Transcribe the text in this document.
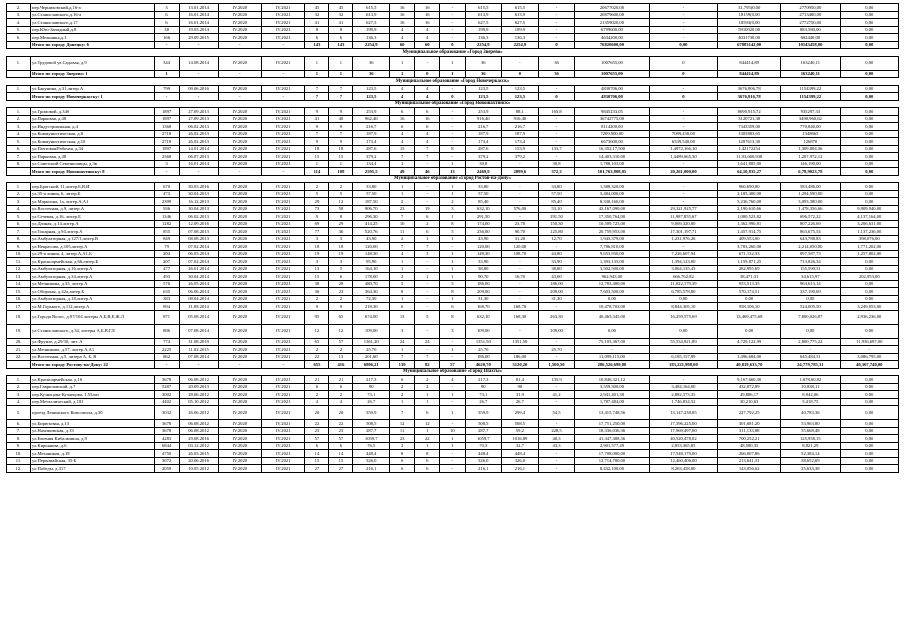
2.	пер.Черниховский,д.16-а	3	13.01.2014	IV.2020	IV.2021	45	45	615,5	16	16	-	615,5	615,5	-	20677020,00	-	31,795(0,00	2770950,00	0,00
3.	ул.Станиславского,д.16-а	6	16.01.2014	IV.2020	IV.2021	32	32	613,9	16	16	-	613,9	613,9	-	20879600,00	-	18159(0,00	2713480,00	0,00
4.	ул.Станиславского,д.17	6	16.01.2014	IV.2020	IV.2021	41	41	627,5	16	16	-	627,5	627,5	-	21359020,00	-	18593(0,00	2772750,00	0,00
5.	пер.Юго-Западный,д.8	38	19.03.2014	IV.2020	IV.2021	8	8	199,9	4	4	-	199,9	199,9	-	6799600,00	-	5910020,00	883,580,00	0,00
6.	пер.Мельника,д.1	166	29.09.2015	IV.2020	IV.2021	6	6	136,3	4	4	-	136,3	136,3	-	4634200,00	-	4031730,00	602440,00	0,00
	Итого по городу Донецку: 6	-	-	-	-	143	143	2254,9	60	60	0	2254,9	2254,9	0	76820600,00	0,00	67883142,00	10143458,00	0,00
Муниципальное образование «Город Зверево»																			
1.	ул.Трудовой ул.Садовая, д.9	344	14.08.2014	IV.2020	IV.2021	1	1	36	1	-	1	36	-	36	1007655,00	0	844414,89	163240,11	0,00
	Итого по городу Зверево: 1	1	-	-	-	1	1	36	1	0	1	36	0	36	1007655,00	0	844414,89	163240,11	0,00
Муниципальное образование «Город Новочеркасск»																			
1.	ул.Бакунина, д.31,литер.А	799	09.06.2016	IV.2020	IV.2021	7	7	123,5	4	4	-	123,5	123,5	-	4830706,00	-	3676,906,78	1154399,22	0,00
	Итого по городу Новочеркасску: 1	-	-	-	-	7	7	123,5	4	4	0	123,5	123,5	0	4830706,00	0	3676,916,78	1154399,22	0,00
Муниципальное образование «Город Новошахтинск»																			
1.	ул.Громовой, д.34б	1897	27.09.2013	IV.2020	IV.2021	9	9	253,9	6	6	-	253,9	88,1	165,8	9845233,05	-	8690,915,72	935297,33	0,00
2.	ул.Парковая, д.48	1897	27.09.2013	IV.2020	IV.2021	41	40	962,40	16	16	-	916,40	916,40	-	36742775,00	-	3120721,38	3490,960,62	0,00
3.	ул.Индустриальная, д.4	1368	06.02.2013	IV.2020	IV.2021	9	9	216,7	6	6	-	216,7	216,7	-	8114200,00	-	7343359,00	770,840,00	0,00
4.	ул.Коммунистическая, д.8	2718	26.02.2013	IV.2020	IV.2021	7	7	187,9	4	4	-	187,9	187,9	-	7209,900,00	7089,430,00	1305883,65	1348665	0,00
5.	ул.Коммунистическая, д.10	2718	26.02.2013	IV.2020	IV.2021	9	9	173,4	4	4	-	173,4	173,4	-	6673600,00	6539,540,00	1207613,30	126870	0,00
6.	ул.Почтовая/Рабочая, д.34	1897	14.01.2014	IV.2020	IV.2021	18	18	287,6	15	7	8	287,6	153,9	133,7	16,352,17,500	1,4972,166,10	1,42172254	1,309,804,36	0,00
7.	ул.Парковая, д.48	2568	06.07.2013	IV.2020	IV.2021	15	15	379,2	7	7	-	379,2	379,2	-	14,403,310,00	1,4489,665,30	11,93,660,938	1,207,972,12	0,00
8.	ул.Советский Семенисивцы, д.3в	3	16.01.2014	IV.2020	IV.2021	1	1	134,4	1	-	1	30,8	-	30,8	1,788,103,00	-	1,641,805,00	146,190,00	0,00
	Итого по городу Новошахтинску: 8	-	-	-	-	114	108	2595,5	49	46	13	2469,9	2099,6	372,3	101,763,808,05	20,261,000,00	64,10,835,27	6,78,9023,78	0,00
Муниципальное образование «Город Ростов-на-Дону»																			
1.	пер.Братский, 11,литер.Б,В,И	670	30.03.2016	IV.2020	IV.2021	2	2	33,80	1	-	1	33,80	-	33,80	1,588,320,00	-	966,690,00	583,486,00	0,00
2.	ул.35-я линия, 6, литер.Б	473	30.04.2013	IV.2020	IV.2021	5	5	57,50	1	-	1	57,50	-	57,50	3,484,000,00	-	2,185,400,00	1,294,590,00	0,00
3.	ул.Марксина, 1а, литер.А,А1	2399	16.12.2013	IV.2020	IV.2021	29	12	187,50	2	-	2	85,40	-	85,40	8,330,160,00	-	5,236,760,00	3,093,380,00	0,00
4.	ул.Восточная, д.9, литер.А	936	30.04.2013	IV.2020	IV.2021	73	58	906,70	23	19	3	632,10	576,00	53,10	43,167,090,00	29,321,925,77	2,190,610,66	1,478,356,66	9,909,940,00
5.	ул.Сечевая, д.16, литер.Б	1346	06.02.2013	IV.2020	IV.2021	9	8	296,30	7	6	1	291,50	-	291,50	17,350,764,00	11,987,855,67	1,000,523,82	696,572,22	4,137,164,00
6.	ул.Дачная, д.14,литер.А	1282	12.09.2016	IV.2020	IV.2021	69	29	414,25	10	2	8	174,00	23,70	150,30	10,509,723,00	9,069,320,00	1,362,990,81	807,226,69	3,206,631,00
7.	ул.Токарная, д.94,литер.А	855	07.08.2013	IV.2020	IV.2021	77	36	520,76	11	6	5	236,00	90,70	125,80	20,759,953,00	17,301,197,71	1,457,914,75	863,675,54	1,137,236,00
8.	ул.Амбулаторная, д.127/1,литер.В	849	08.08.2013	IV.2020	IV.2021	3	3	43,90	2	1	1	43,90	31,20	12,70	1,943,379,00	1,231,976,26	409,553,00	643,788,83	398,076,00
9.	ул.Некрасова, д.105,литер.А	79	07.02.2014	IV.2020	IV.2021	18	18	120,00	7	7	-	120,00	120,00	-	7,786,810,00	-	3,783,260,00	2,214,050,00	1,771,202,00
10.	ул.29-я линия, 4, литер.А,А1,Б	204	06.03.2014	IV.2020	IV.2021	19	19	148,30	4	3	1	148,30	108,70	44,80	9,653,930,00	7,226,607,94	671,132,33	897,587,73	1,257,802,00
11.	ул.Красноармейская, д.66,литер.Б	207	07.02.2014	IV.2020	IV.2021	3	3	95,90	1	-	1	33,90	-	33,90	1,393,135,00	1,394,123,00	1,159,871,25	713,826,34	0,00
12.	ул.Амбулаторная, д.16,литер.А	477	26.01.2014	IV.2020	IV.2021	13	5	164,10	1	-	1	38,80	-	38,80	3,502,500,00	3,064,135,43	262,995,69	155,590,31	0,00
13.	ул.Амбулаторная, д.34,литер.А	493	30.04.2014	IV.2020	IV.2021	15	6	178,00	2	1	1	90,70	16,70	43,00	962,943,00	666,762,82	38,471,31	34,615,97	202,953,00
14.	ул.Мечникова, д.35, литер.А	576	26.05.2014	IV.2020	IV.2021	38	28	480,70	5	-	5	186,00	-	186,00	12,783,400,00	11,022,179,39	953,513,35	963,613,14	0,00
15.	ул.Обороны, д.42а,литер.Б	635	06.06.2014	IV.2020	IV.2021	36	23	364,30	8	-	8	209,00	-	209,00	7,603,500,00	6,785,578,80	570,174,51	337,190,69	0,00
16.	ул.Амбулаторная, д.18,литер.А	383	08.04.2014	IV.2020	IV.2021	2	2	72,30	1	-	1	31,30	-	31,30	0,00	0,00	0,00	0,00	0,00
17.	ул.М.Горького, д.112,литер.А	894	11.08.2014	IV.2020	IV.2021	9	9	218,30	6	-	6	168,70	168,70	-	10,478,703,00	8,844,305,10	958,106,10	524,005,50	3,249,053,00
18.	ул.Города Волос, д.97/104 литеры А,Б,В,Е,Ж,Л	871	05.08.2014	IV.2020	IV.2021	95	65	674,00	13	5	8	632,10	168,30	263,30	40,465,345,00	16,259,575,69	13,469,475,68	7,800,026,87	2,936,236,00
19.	ул.Станиславского, д.34, литеры А,Б,В,Г,Е	886	07.08.2014	IV.2020	IV.2021	12	12	109,00	3	-	3	109,00	-	109,00	0,00	0,00	0,00	0,00	0,00
20.	ул.Фрунзе, д.29/30, лит. А	774	31.08.2019	IV.2020	IV.2021	65	57	1361,20	24	24	-	1351,50	1351,50	-	75,105,367,00	55,534,821,89	4,729,122,99	2,800,775,22	11,936,687,00
21.	ул.Мечникова, д.57, литер.А,А1	2225	11.02.2015	IV.2020	IV.2021	2	2	25,70	1	-	1	25,70	-	25,70	-	-	-	-	-
22.	ул.Восточная, д.5, литера А, Б, В	862	07.08.2014	IV.2020	IV.2021	22	13	201,60	7	7	-	186,00	186,00	-	11,099,115,00	6,185,157,89	1,496,684,00	645,484,31	3,086,795,00
	Итого по городу Ростову-на-Дону: 22	-	-	-	-	655	416	6806,21	139	82	57	4620,70	3120,20	1,500,50	286,526,699,00	183,221,998,00	40,819,633,70	24,779,785,31	40,307,740,00
Муниципальное образование «Город Шахты»																			
1.	ул.Красноармейская, д.16	3678	06.08.2012	IV.2020	IV.2021	21	21	217,3	6	2	4	217,3	81,4	135,9	10,846,321,12	-	9,167,660,30	1,678,60,82	0,00
2.	пер.Гавриловский, д.7	5287	20.09.2013	IV.2020	IV.2021	6	6	90	2	2	-	90	90	-	3,559,300,00	3,484,164,00	432,872,89	10,838,11	0,00
3.	пер.Кузнецова-Кузнецова, 1,55лит	3002	28.06.2012	IV.2020	IV.2021	2	2	73,1	2	1	1	73,1	31,9	41,2	2,941,401,38	2,882,573,35	49,886,17	8,942,06	0,00
4.	пер.Металлический, д.181	4402	05.10.2012	IV.2020	IV.2021	4	4	26,7	1	1	-	26,7	26,7	-	1,787,484,00	1,746,834,52	30,210,63	5,418,75	0,00
5.	проезд Ленинского Комсомола, д.30	3032	26.06.2012	IV.2020	IV.2021	20	20	359,9	7	6	1	359,9	299,4	54,5	13,415,748,56	13,147,238,85	227,792,25	40,783,36	0,00
6.	ул.Бирюзовая, д.13	3678	06.08.2012	IV.2020	IV.2021	22	22	508,5	12	12	-	508,5	508,5	-	17,751,250,00	17,396,225,00	301,681,20	53,963,80	0,00
7.	ул.Нахимовская, д.13	3678	06.08.2012	IV.2020	IV.2021	23	23	287,7	11	1	10	287,7	59,2	228,5	18,336,036,36	17,969,497,00	311,133,88	55,668,48	0,00
8.	ул.Евгения Кибальчиша, д.9	4283	29.08.2016	IV.2020	IV.2021	57	57	1059,7	23	22	1	1059,7	1016,89	40,3	41,347,488,36	40,520,478,02	700,252,21	125,958,15	0,00
9.	ул.Кирьянова, д.6	6844	03.12.2012	IV.2020	IV.2021	6	6	76,5	2	1	1	70,3	32,7	43,3	2,901,577,49	2,853,365,85	48,580,35	8,821,29	0,00
10.	ул.Механиков, д.18	4750	26.03.2015	IV.2020	IV.2021	14	14	448,4	8	8	-	448,4	448,4	-	17,708,000,00	17,548,179,00	266,007,86	52,384,14	0,00
11.	ул.Первомайская, 35-Б	3072	20.06.2016	IV.2020	IV.2021	15	15	326,0	6	6	-	326,0	326,0	-	12,714,700,00	12,460,406,00	213,641,31	38,652,69	0,00
12.	ул.Победы, д.317	2059	10.05.2012	IV.2020	IV.2021	27	27	216,1	6	6	-	216,1	216,1	-	8,432,100,00	8,263,458,00	143,056,62	25,633,38	0,00
